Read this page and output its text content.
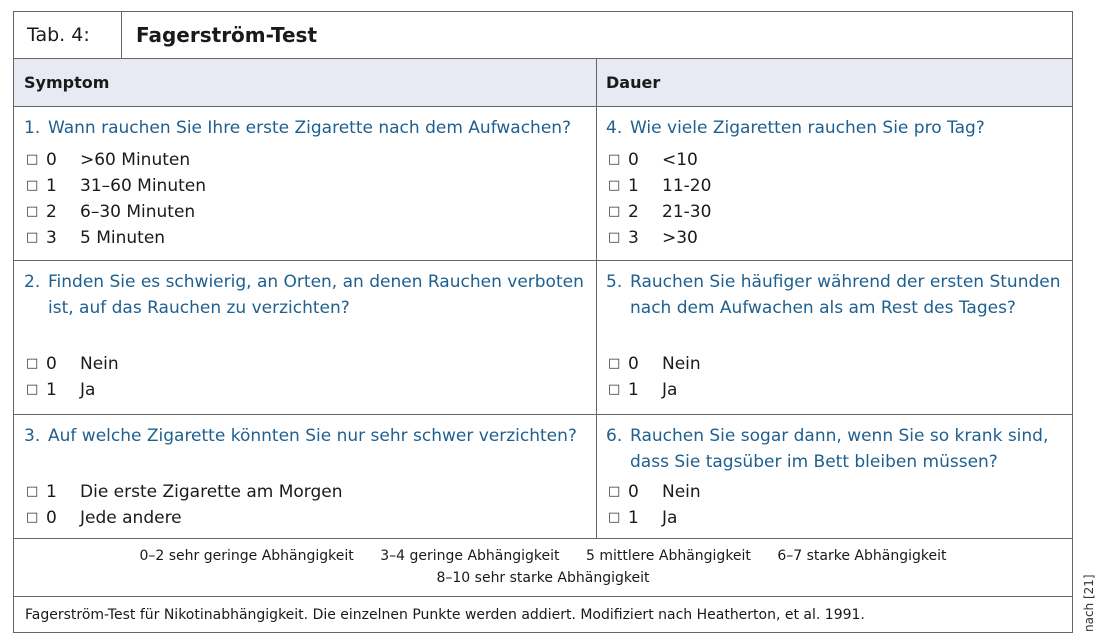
Tab. 4:	Fagerström-Test
Symptom	Dauer
1. Wann rauchen Sie Ihre erste Zigarette nach dem Aufwachen?
□ 0 >60 Minuten
□ 1 31–60 Minuten
□ 2 6–30 Minuten
□ 3 5 Minuten
4. Wie viele Zigaretten rauchen Sie pro Tag?
□ 0 <10
□ 1 11-20
□ 2 21-30
□ 3 >30
2. Finden Sie es schwierig, an Orten, an denen Rauchen verboten ist, auf das Rauchen zu verzichten?
□ 0 Nein
□ 1 Ja
5. Rauchen Sie häufiger während der ersten Stunden nach dem Aufwachen als am Rest des Tages?
□ 0 Nein
□ 1 Ja
3. Auf welche Zigarette könnten Sie nur sehr schwer verzichten?
□ 1 Die erste Zigarette am Morgen
□ 0 Jede andere
6. Rauchen Sie sogar dann, wenn Sie so krank sind, dass Sie tagsüber im Bett bleiben müssen?
□ 0 Nein
□ 1 Ja
0–2 sehr geringe Abhängigkeit 3–4 geringe Abhängigkeit 5 mittlere Abhängigkeit 6–7 starke Abhängigkeit
8–10 sehr starke Abhängigkeit
Fagerström-Test für Nikotinabhängigkeit. Die einzelnen Punkte werden addiert. Modifiziert nach Heatherton, et al. 1991.	nach [21]
